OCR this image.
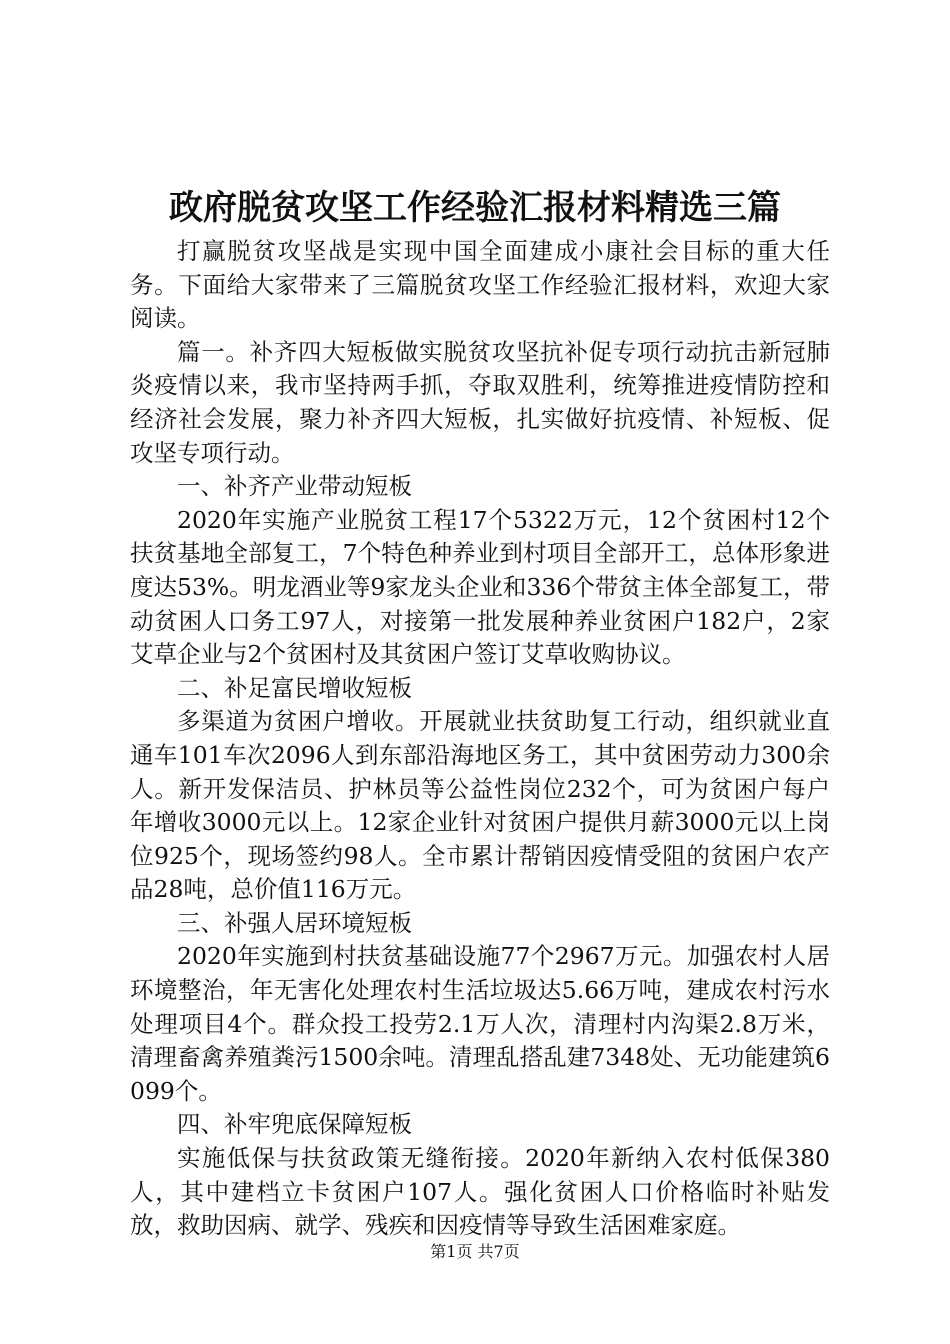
政府脱贫攻坚工作经验汇报材料精选三篇

打赢脱贫攻坚战是实现中国全面建成小康社会目标的重大任务。下面给大家带来了三篇脱贫攻坚工作经验汇报材料，欢迎大家阅读。

篇一。补齐四大短板做实脱贫攻坚抗补促专项行动抗击新冠肺炎疫情以来，我市坚持两手抓，夺取双胜利，统筹推进疫情防控和经济社会发展，聚力补齐四大短板，扎实做好抗疫情、补短板、促攻坚专项行动。

一、补齐产业带动短板

2020年实施产业脱贫工程17个5322万元，12个贫困村12个扶贫基地全部复工，7个特色种养业到村项目全部开工，总体形象进度达53%。明龙酒业等9家龙头企业和336个带贫主体全部复工，带动贫困人口务工97人，对接第一批发展种养业贫困户182户，2家艾草企业与2个贫困村及其贫困户签订艾草收购协议。

二、补足富民增收短板

多渠道为贫困户增收。开展就业扶贫助复工行动，组织就业直通车101车次2096人到东部沿海地区务工，其中贫困劳动力300余人。新开发保洁员、护林员等公益性岗位232个，可为贫困户每户年增收3000元以上。12家企业针对贫困户提供月薪3000元以上岗位925个，现场签约98人。全市累计帮销因疫情受阻的贫困户农产品28吨，总价值116万元。

三、补强人居环境短板

2020年实施到村扶贫基础设施77个2967万元。加强农村人居环境整治，年无害化处理农村生活垃圾达5.66万吨，建成农村污水处理项目4个。群众投工投劳2.1万人次，清理村内沟渠2.8万米，清理畜禽养殖粪污1500余吨。清理乱搭乱建7348处、无功能建筑6099个。

四、补牢兜底保障短板

实施低保与扶贫政策无缝衔接。2020年新纳入农村低保380人，其中建档立卡贫困户107人。强化贫困人口价格临时补贴发放，救助因病、就学、残疾和因疫情等导致生活困难家庭。

第1页 共7页
